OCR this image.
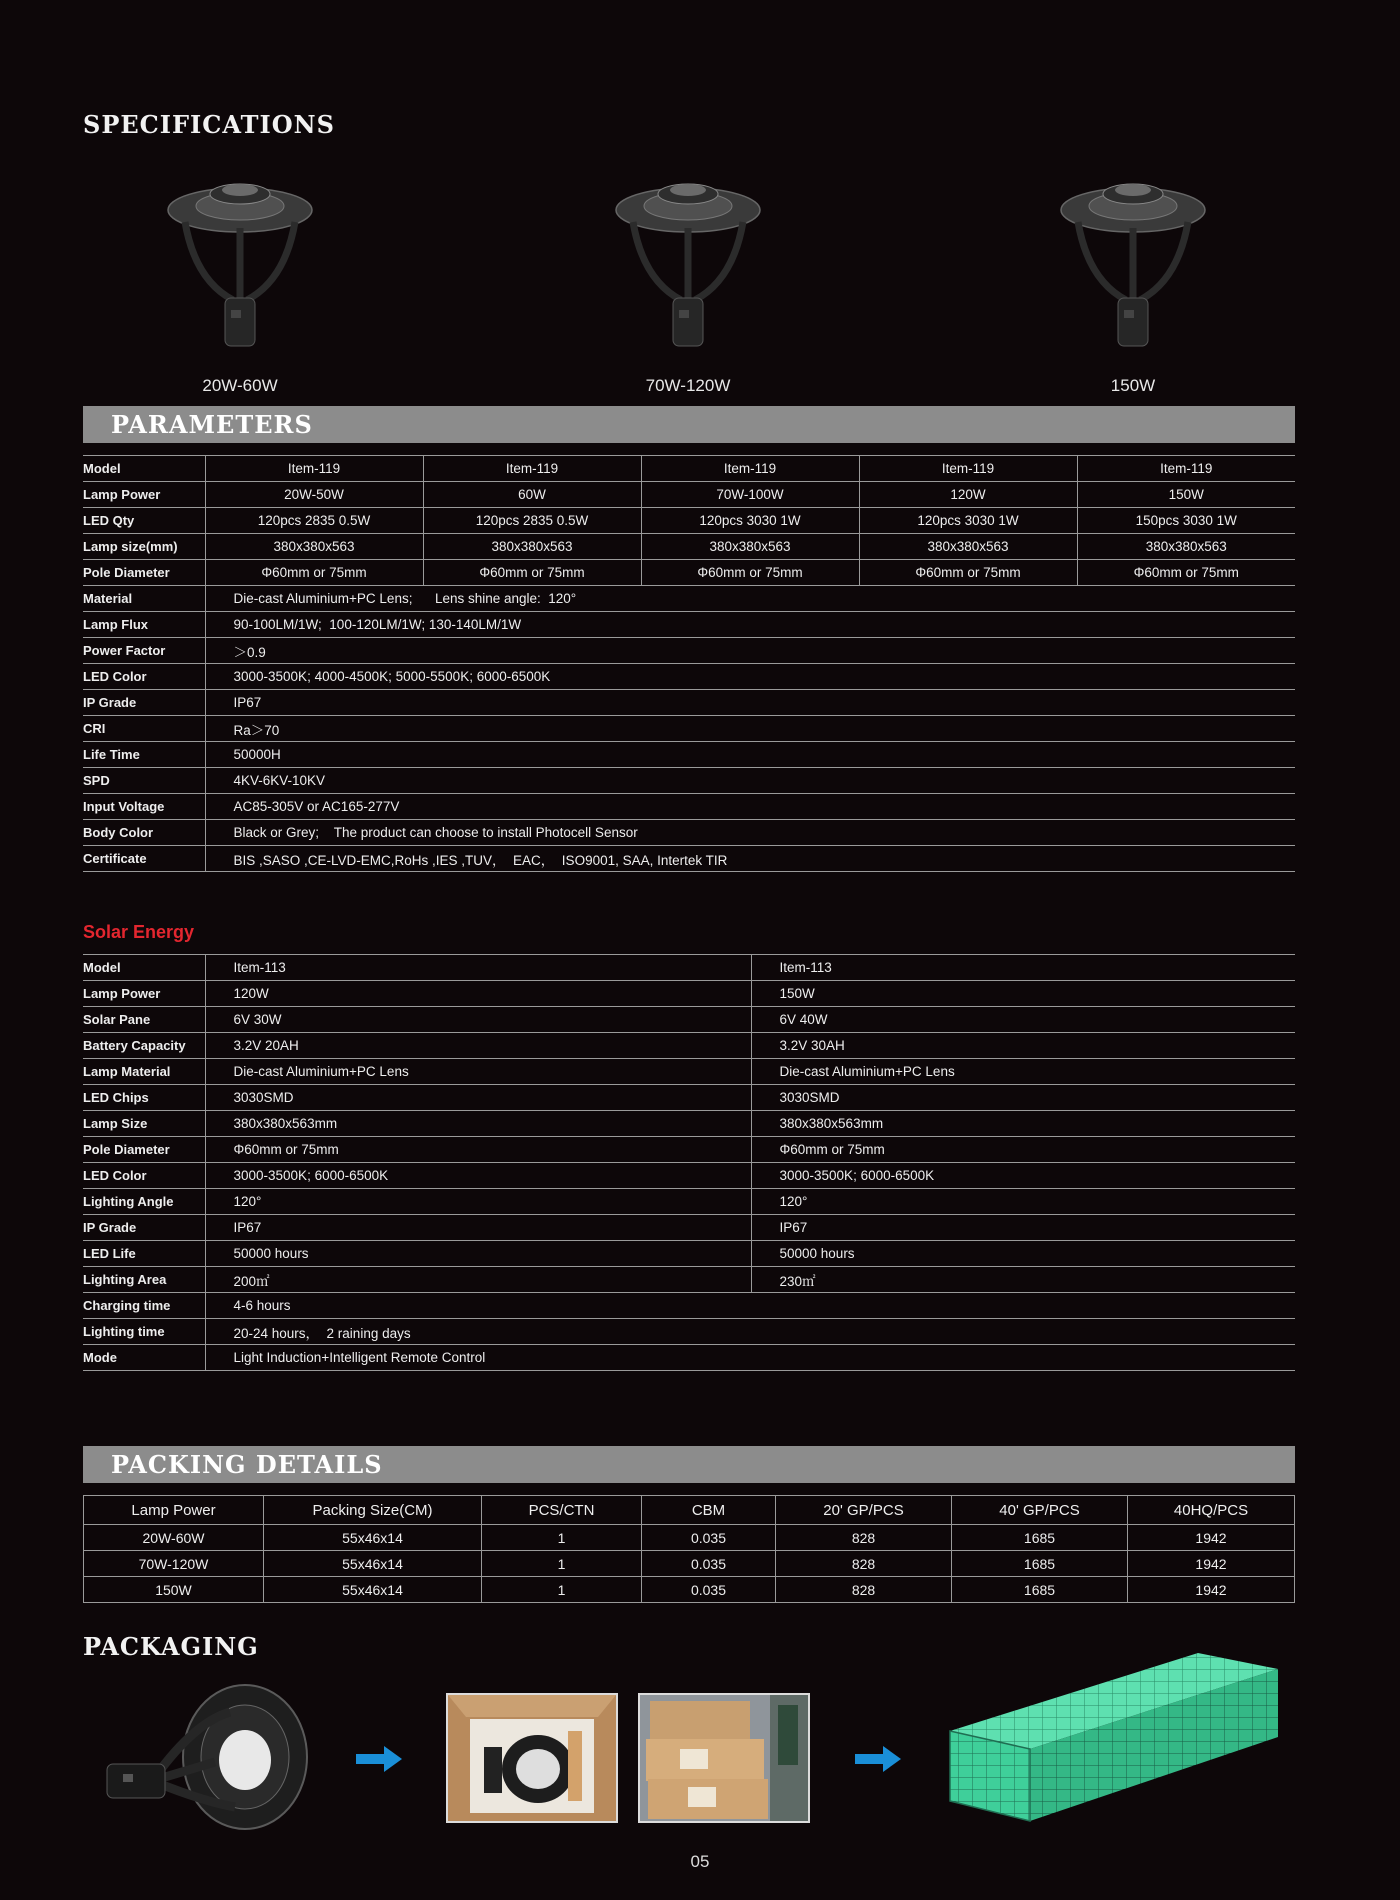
SPECIFICATIONS
20W-60W	70W-120W	150W
PARAMETERS
Model	Item-119	Item-119	Item-119	Item-119	Item-119
Lamp Power	20W-50W	60W	70W-100W	120W	150W
LED Qty	120pcs 2835 0.5W	120pcs 2835 0.5W	120pcs 3030 1W	120pcs 3030 1W	150pcs 3030 1W
Lamp size(mm)	380x380x563	380x380x563	380x380x563	380x380x563	380x380x563
Pole Diameter	Φ60mm or 75mm	Φ60mm or 75mm	Φ60mm or 75mm	Φ60mm or 75mm	Φ60mm or 75mm
Material	Die-cast Aluminium+PC Lens;      Lens shine angle:  120°				
Lamp Flux	90-100LM/1W;  100-120LM/1W; 130-140LM/1W				
Power Factor	＞0.9				
LED Color	3000-3500K; 4000-4500K; 5000-5500K; 6000-6500K				
IP Grade	IP67				
CRI	Ra＞70				
Life Time	50000H				
SPD	4KV-6KV-10KV				
Input Voltage	AC85-305V or AC165-277V				
Body Color	Black or Grey;    The product can choose to install Photocell Sensor				
Certificate	BIS ,SASO ,CE-LVD-EMC,RoHs ,IES ,TUV，  EAC，  ISO9001, SAA, Intertek TIR				
Solar Energy
Model	Item-113	Item-113
Lamp Power	120W	150W
Solar Pane	6V 30W	6V 40W
Battery Capacity	3.2V 20AH	3.2V 30AH
Lamp Material	Die-cast Aluminium+PC Lens	Die-cast Aluminium+PC Lens
LED Chips	3030SMD	3030SMD
Lamp Size	380x380x563mm	380x380x563mm
Pole Diameter	Φ60mm or 75mm	Φ60mm or 75mm
LED Color	3000-3500K; 6000-6500K	3000-3500K; 6000-6500K
Lighting Angle	120°	120°
IP Grade	IP67	IP67
LED Life	50000 hours	50000 hours
Lighting Area	200㎡	230㎡
Charging time	4-6 hours	
Lighting time	20-24 hours，  2 raining days	
Mode	Light Induction+Intelligent Remote Control	
PACKING DETAILS
Lamp Power	Packing Size(CM)	PCS/CTN	CBM	20' GP/PCS	40' GP/PCS	40HQ/PCS
20W-60W	55x46x14	1	0.035	828	1685	1942
70W-120W	55x46x14	1	0.035	828	1685	1942
150W	55x46x14	1	0.035	828	1685	1942
PACKAGING
05
